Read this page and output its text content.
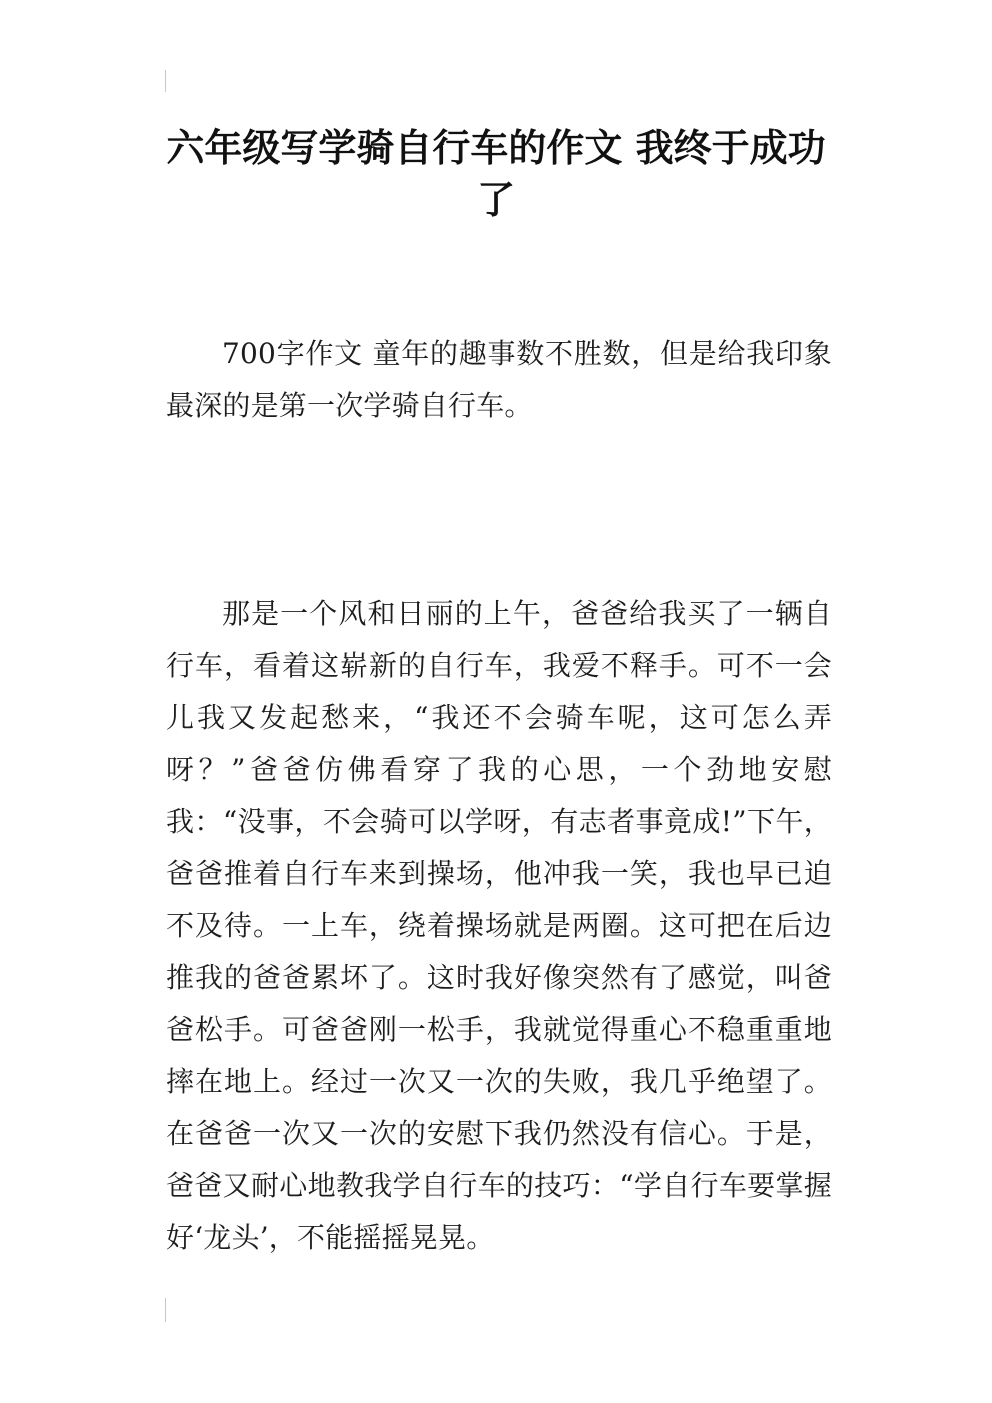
六年级写学骑自行车的作文 我终于成功了

700字作文 童年的趣事数不胜数，但是给我印象最深的是第一次学骑自行车。

那是一个风和日丽的上午，爸爸给我买了一辆自行车，看着这崭新的自行车，我爱不释手。可不一会儿我又发起愁来，“我还不会骑车呢，这可怎么弄呀？”爸爸仿佛看穿了我的心思，一个劲地安慰我：“没事，不会骑可以学呀，有志者事竟成!”下午，爸爸推着自行车来到操场，他冲我一笑，我也早已迫不及待。一上车，绕着操场就是两圈。这可把在后边推我的爸爸累坏了。这时我好像突然有了感觉，叫爸爸松手。可爸爸刚一松手，我就觉得重心不稳重重地摔在地上。经过一次又一次的失败，我几乎绝望了。在爸爸一次又一次的安慰下我仍然没有信心。于是，爸爸又耐心地教我学自行车的技巧：“学自行车要掌握好‘龙头’，不能摇摇晃晃。
